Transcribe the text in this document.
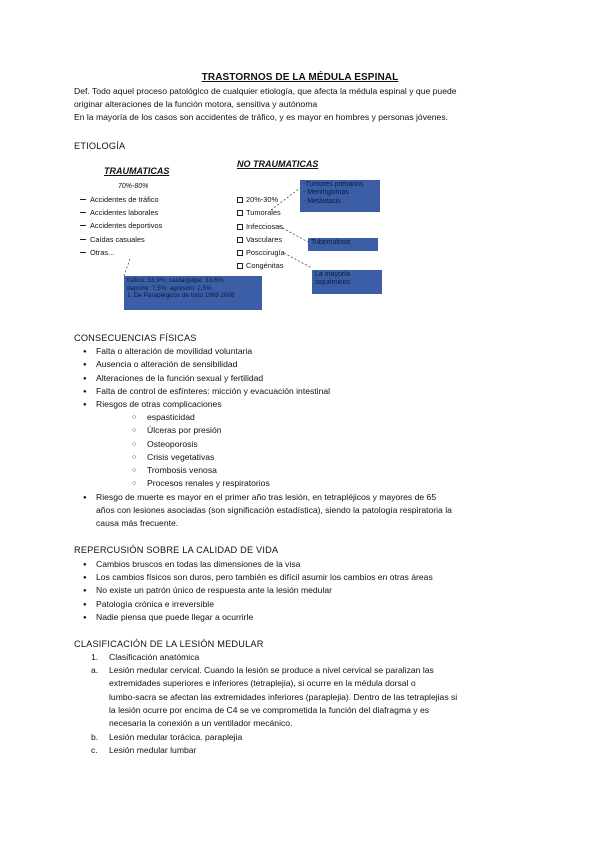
TRASTORNOS DE LA MÉDULA ESPINAL
Def. Todo aquel proceso patológico de cualquier etiología, que afecta la médula espinal y que puede
originar alteraciones de la función motora, sensitiva y autónoma
En la mayoría de los casos son accidentes de tráfico, y es mayor en hombres y personas jóvenes.
ETIOLOGÍA
TRAUMATICAS
70%-80%
Accidentes de tráfico
Accidentes laborales
Accidentes deportivos
Caídas casuales
Otras...
NO TRAUMATICAS
20%-30%
Tumorales
Infecciosas
Vasculares
Posccirugía
Congénitas
-Tumores primarios
- Meningiomas
- Metástasis
Tuberculosis
La mayoría
isquémicos
tráfico: 53,9%; caída/golpe: 33,6%;
deporte: 7,5%; agresión: 2,5%
1. De Paraplégicos de todo 1999 2008
CONSECUENCIAS FÍSICAS
● Falta o alteración de movilidad voluntaria
● Ausencia o alteración de sensibilidad
● Alteraciones de la función sexual y fertilidad
● Falta de control de esfínteres: micción y evacuación intestinal
● Riesgos de otras complicaciones
○ espasticidad
○ Úlceras por presión
○ Osteoporosis
○ Crisis vegetativas
○ Trombosis venosa
○ Procesos renales y respiratorios
● Riesgo de muerte es mayor en el primer año tras lesión, en tetrapléjicos y mayores de 65
años con lesiones asociadas (son significación estadística), siendo la patología respiratoria la
causa más frecuente.
REPERCUSIÓN SOBRE LA CALIDAD DE VIDA
● Cambios bruscos en todas las dimensiones de la visa
● Los cambios físicos son duros, pero también es difícil asumir los cambios en otras áreas
● No existe un patrón único de respuesta ante la lesión medular
● Patología crónica e irreversible
● Nadie piensa que puede llegar a ocurrirle
CLASIFICACIÓN DE LA LESIÓN MEDULAR
1. Clasificación anatómica
a. Lesión medular cervical. Cuando la lesión se produce a nivel cervical se paralizan las
extremidades superiores e inferiores (tetraplejia), si ocurre en la médula dorsal o
lumbo-sacra se afectan las extremidades inferiores (paraplejia). Dentro de las tetraplejias si
la lesión ocurre por encima de C4 se ve comprometida la función del diafragma y es
necesaria la conexión a un ventilador mecánico.
b. Lesión medular torácica. paraplejia
c. Lesión medular lumbar
